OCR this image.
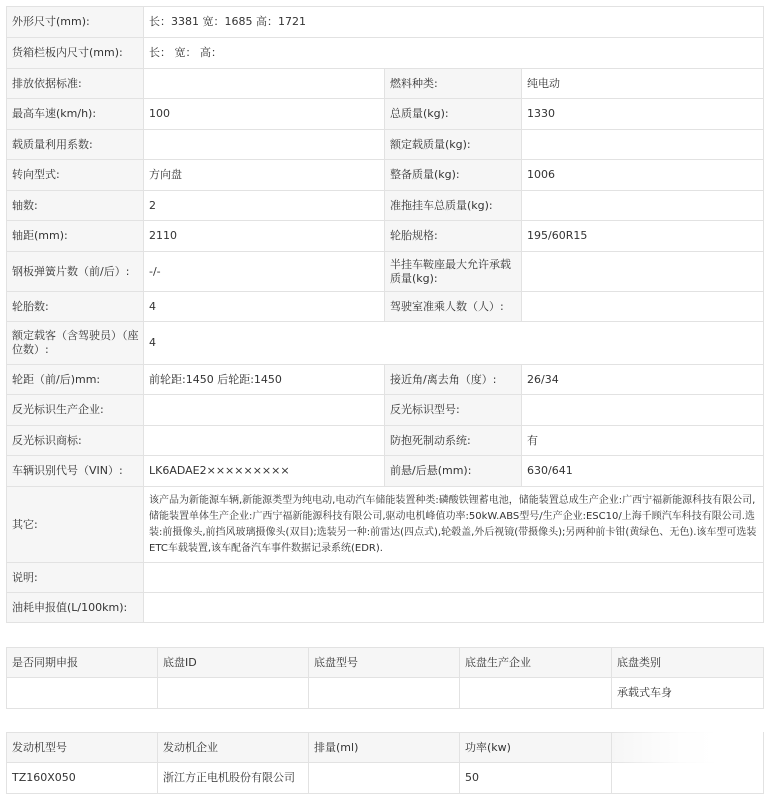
外形尺寸(mm):	长：3381 宽：1685 高：1721		
货箱栏板内尺寸(mm):	长： 宽： 高：		
排放依据标准:		燃料种类:	纯电动
最高车速(km/h):	100	总质量(kg):	1330
载质量利用系数:		额定载质量(kg):	
转向型式:	方向盘	整备质量(kg):	1006
轴数:	2	准拖挂车总质量(kg):	
轴距(mm):	2110	轮胎规格:	195/60R15
钢板弹簧片数（前/后）:	-/-	半挂车鞍座最大允许承载质量(kg):	
轮胎数:	4	驾驶室准乘人数（人）:	
额定载客（含驾驶员）（座位数）:	4		
轮距（前/后)mm:	前轮距:1450 后轮距:1450	接近角/离去角（度）:	26/34
反光标识生产企业:		反光标识型号:	
反光标识商标:		防抱死制动系统:	有
车辆识别代号（VIN）:	LK6ADAE2×××××××××	前悬/后悬(mm):	630/641
其它:	该产品为新能源车辆,新能源类型为纯电动,电动汽车储能装置种类:磷酸铁锂蓄电池，储能装置总成生产企业:广西宁福新能源科技有限公司,储能装置单体生产企业:广西宁福新能源科技有限公司,驱动电机峰值功率:50kW.ABS型号/生产企业:ESC10/上海千顾汽车科技有限公司.选装:前摄像头,前挡风玻璃摄像头(双目);选装另一种:前雷达(四点式),轮毂盖,外后视镜(带摄像头);另两种前卡钳(黄绿色、无色).该车型可选装ETC车载装置,该车配备汽车事件数据记录系统(EDR).		
说明:			
油耗申报值(L/100km):			
是否同期申报	底盘ID	底盘型号	底盘生产企业	底盘类别
				承载式车身
发动机型号	发动机企业	排量(ml)	功率(kw)	
TZ160X050	浙江方正电机股份有限公司		50	
